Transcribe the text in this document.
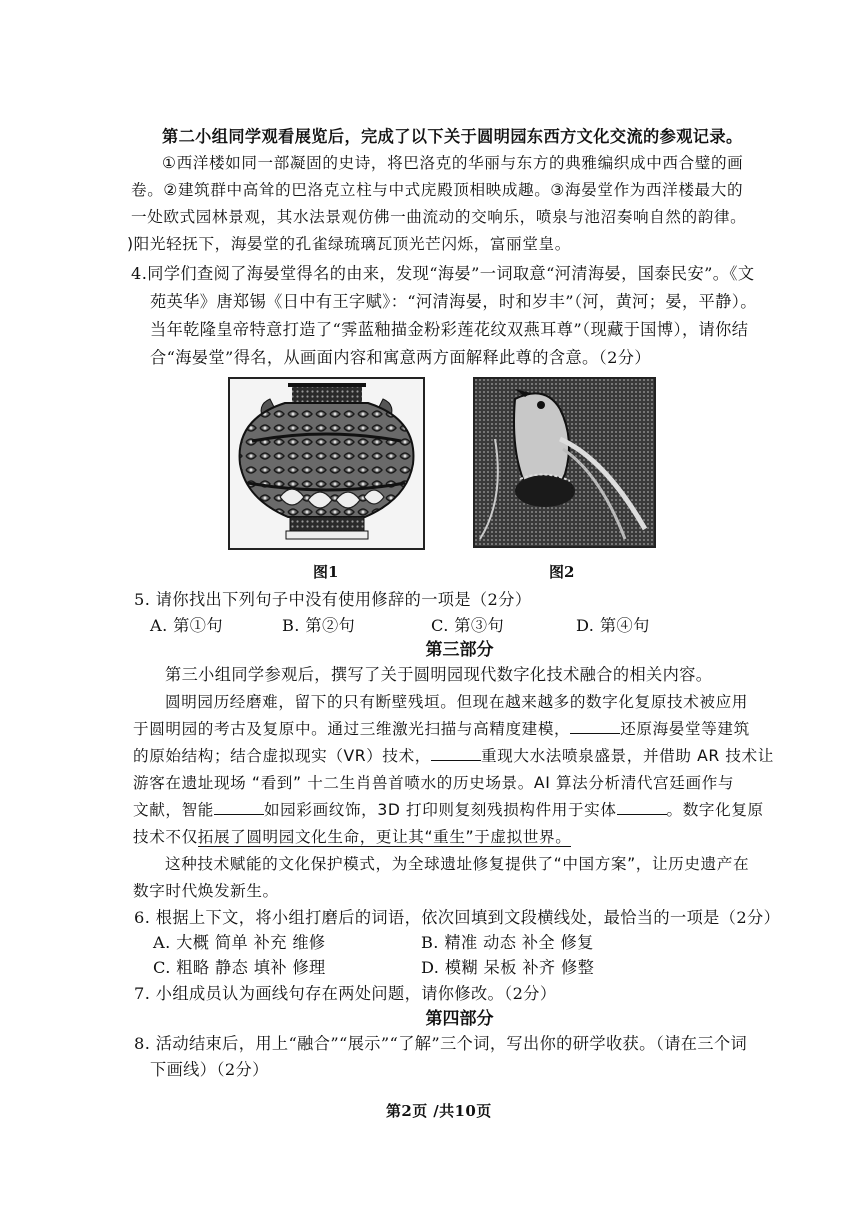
第二小组同学观看展览后，完成了以下关于圆明园东西方文化交流的参观记录。
①西洋楼如同一部凝固的史诗，将巴洛克的华丽与东方的典雅编织成中西合璧的画
卷。②建筑群中高耸的巴洛克立柱与中式庑殿顶相映成趣。③海晏堂作为西洋楼最大的
一处欧式园林景观，其水法景观仿佛一曲流动的交响乐，喷泉与池沼奏响自然的韵律。
)阳光轻抚下，海晏堂的孔雀绿琉璃瓦顶光芒闪烁，富丽堂皇。
4.同学们查阅了海晏堂得名的由来，发现“海晏”一词取意“河清海晏，国泰民安”。《文
苑英华》唐郑锡《日中有王字赋》：“河清海晏，时和岁丰”（河，黄河；晏，平静）。
当年乾隆皇帝特意打造了“霁蓝釉描金粉彩莲花纹双燕耳尊”（现藏于国博），请你结
合“海晏堂”得名，从画面内容和寓意两方面解释此尊的含意。（2分）
图1	图2
5. 请你找出下列句子中没有使用修辞的一项是（2分）
A. 第①句	B. 第②句	C. 第③句	D. 第④句
第三部分
第三小组同学参观后，撰写了关于圆明园现代数字化技术融合的相关内容。
圆明园历经磨难，留下的只有断壁残垣。但现在越来越多的数字化复原技术被应用
于圆明园的考古及复原中。通过三维激光扫描与高精度建模，	还原海晏堂等建筑
的原始结构；结合虚拟现实（VR）技术，	重现大水法喷泉盛景，并借助 AR 技术让
游客在遗址现场 “看到” 十二生肖兽首喷水的历史场景。AI 算法分析清代宫廷画作与
文献，智能	如园彩画纹饰，3D 打印则复刻残损构件用于实体	。数字化复原
技术不仅拓展了圆明园文化生命，更让其“重生”于虚拟世界。
这种技术赋能的文化保护模式，为全球遗址修复提供了“中国方案”，让历史遗产在
数字时代焕发新生。
6. 根据上下文，将小组打磨后的词语，依次回填到文段横线处，最恰当的一项是（2分）
A. 大概 简单 补充 维修	B. 精准 动态 补全 修复
C. 粗略 静态 填补 修理	D. 模糊 呆板 补齐 修整
7. 小组成员认为画线句存在两处问题，请你修改。（2分）
第四部分
8. 活动结束后，用上“融合”“展示”“了解”三个词，写出你的研学收获。（请在三个词
下画线）（2分）
第2页 /共10页
